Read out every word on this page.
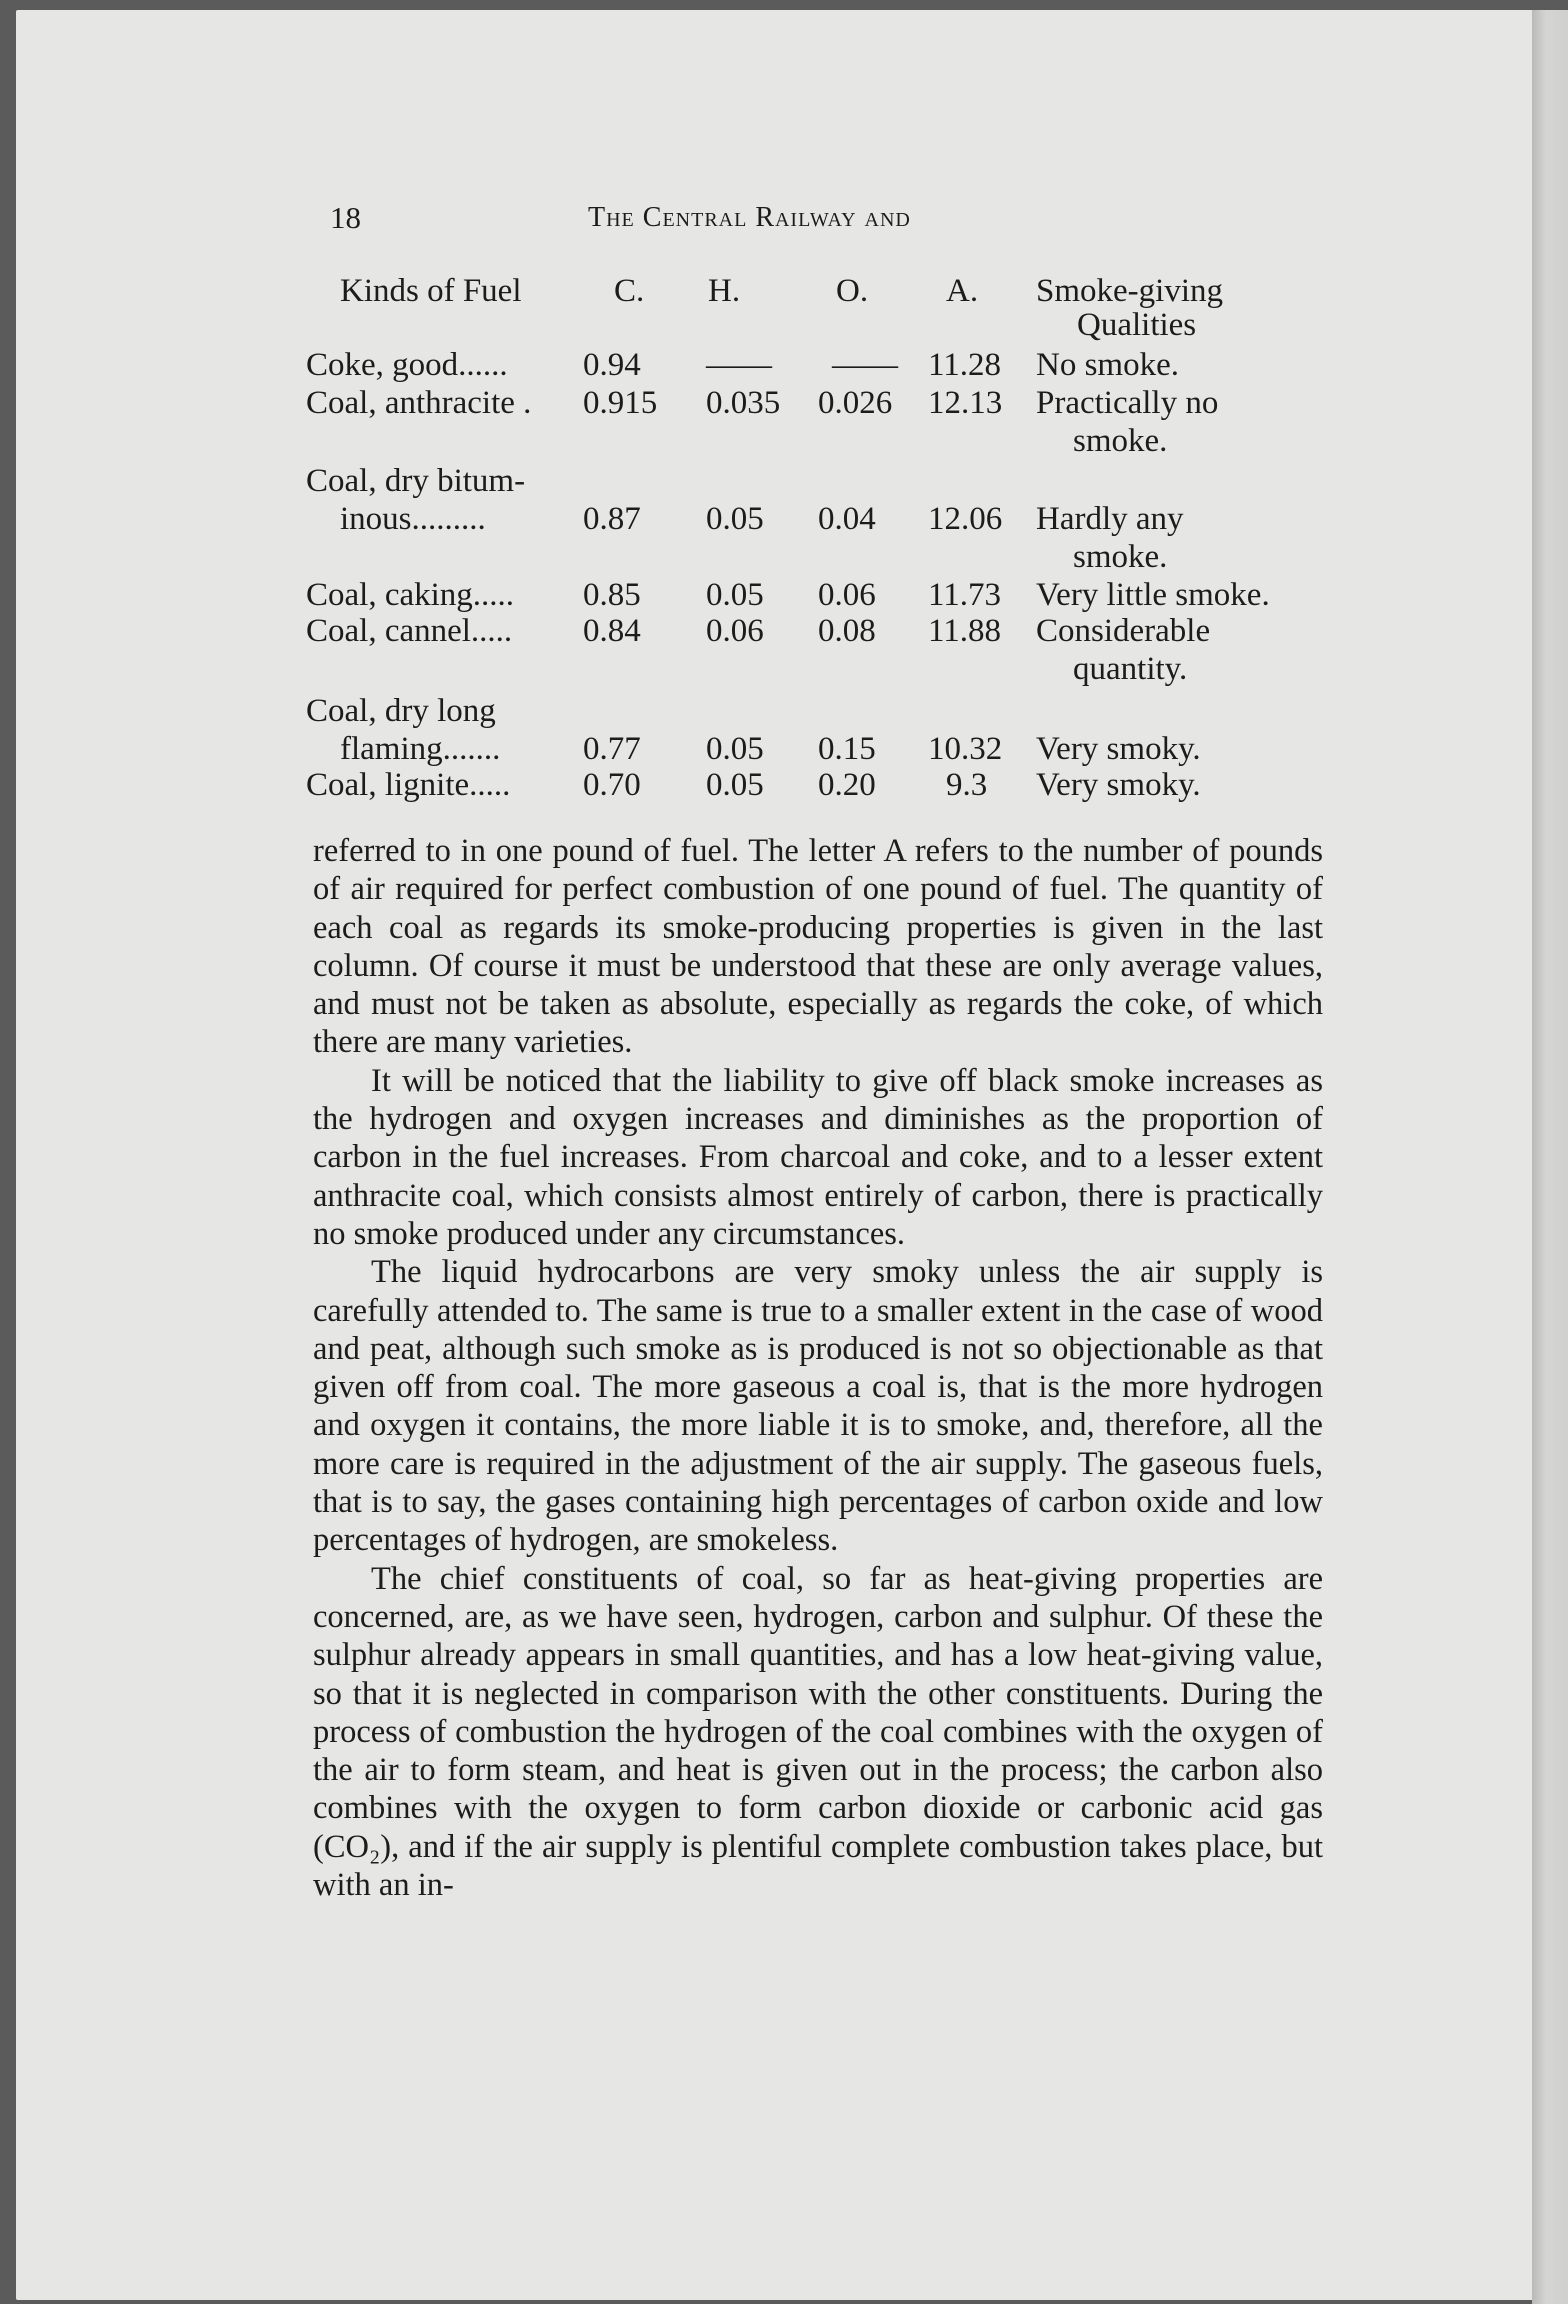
18	The Central Railway and
Kinds of Fuel	C. H.	O. A. Smoke-giving
Qualities
Coke, good...... 0.94 —— —— 11.28 No smoke.
Coal, anthracite . 0.915 0.035 0.026 12.13 Practically no
smoke.
Coal, dry bitum-
inous.........	0.87 0.05 0.04 12.06 Hardly any
smoke.
Coal, caking..... 0.85 0.05 0.06 11.73 Very little smoke.
Coal, cannel..... 0.84 0.06 0.08 11.88 Considerable
quantity.
Coal, dry long
flaming.......	0.77 0.05 0.15 10.32 Very smoky.
Coal, lignite..... 0.70 0.05 0.20 9.3 Very smoky.

referred to in one pound of fuel. The letter A refers to the number of pounds of air required for perfect combustion of one pound of fuel. The quantity of each coal as regards its smoke-producing properties is given in the last column. Of course it must be understood that these are only average values, and must not be taken as absolute, especially as regards the coke, of which there are many varieties.

It will be noticed that the liability to give off black smoke increases as the hydrogen and oxygen increases and diminishes as the proportion of carbon in the fuel increases. From charcoal and coke, and to a lesser extent anthracite coal, which consists almost entirely of carbon, there is practically no smoke produced under any circumstances.

The liquid hydrocarbons are very smoky unless the air supply is carefully attended to. The same is true to a smaller extent in the case of wood and peat, although such smoke as is produced is not so objectionable as that given off from coal. The more gaseous a coal is, that is the more hydrogen and oxygen it contains, the more liable it is to smoke, and, therefore, all the more care is required in the adjustment of the air supply. The gaseous fuels, that is to say, the gases containing high percentages of carbon oxide and low percentages of hydrogen, are smokeless.

The chief constituents of coal, so far as heat-giving properties are concerned, are, as we have seen, hydrogen, carbon and sulphur. Of these the sulphur already appears in small quantities, and has a low heat-giving value, so that it is neglected in comparison with the other constituents. During the process of combustion the hydrogen of the coal combines with the oxygen of the air to form steam, and heat is given out in the process; the carbon also combines with the oxygen to form carbon dioxide or carbonic acid gas (CO₂), and if the air supply is plentiful complete combustion takes place, but with an in-
